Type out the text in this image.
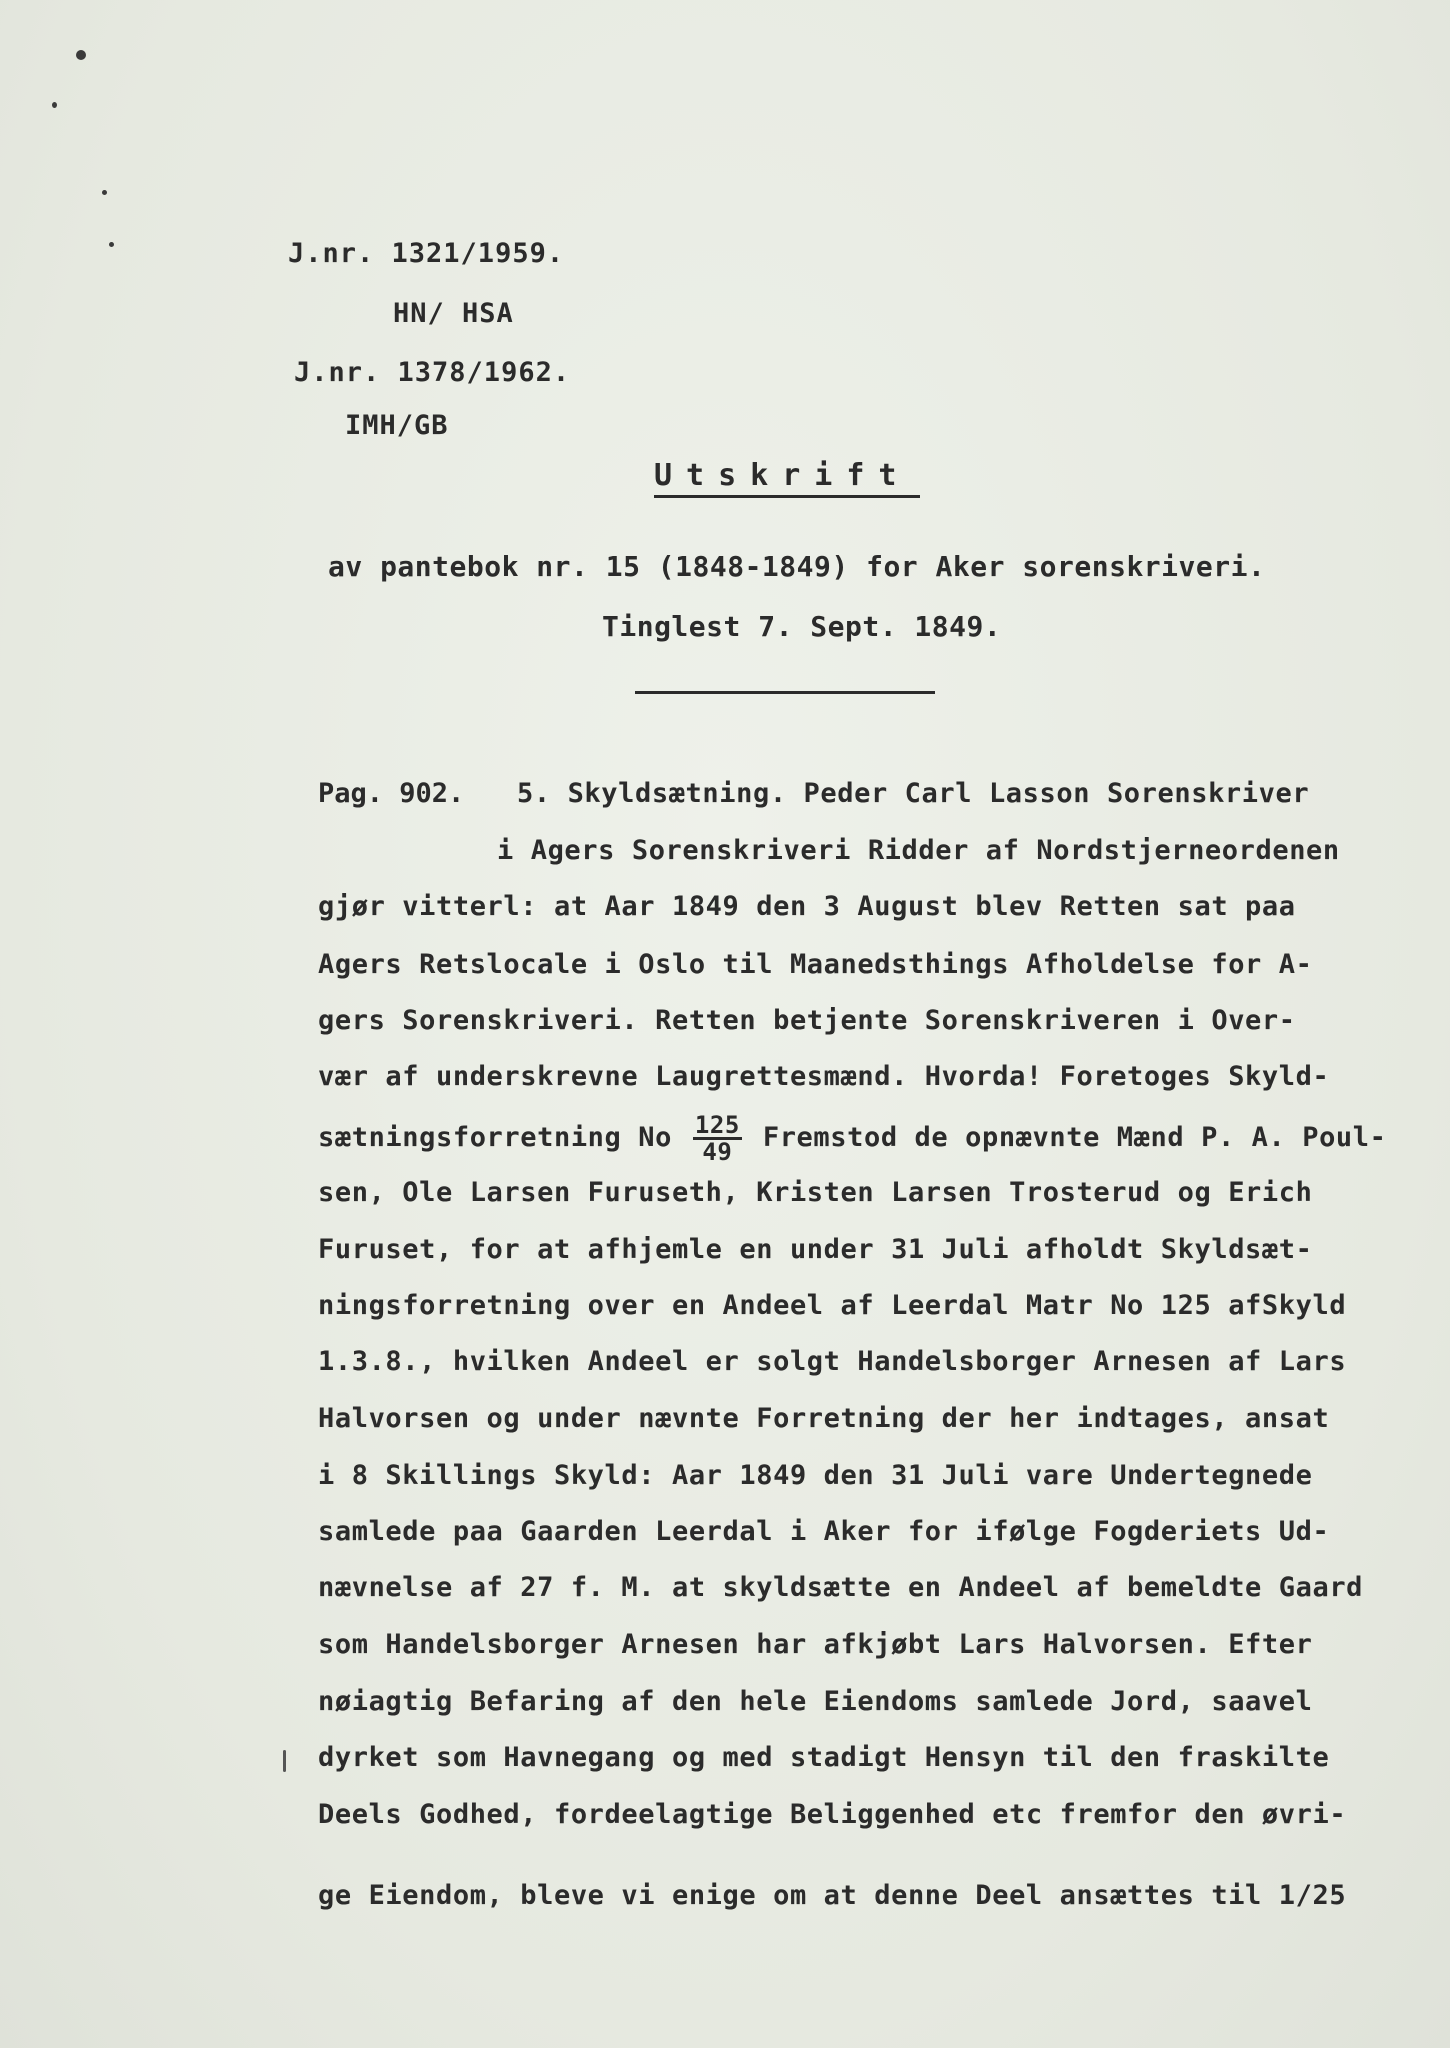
J.nr. 1321/1959.
HN/ HSA
J.nr. 1378/1962.
IMH/GB
Utskrift
av pantebok nr. 15 (1848-1849) for Aker sorenskriveri.
Tinglest 7. Sept. 1849.
Pag. 902. 5. Skyldsætning. Peder Carl Lasson Sorenskriver
i Agers Sorenskriveri Ridder af Nordstjerneordenen
gjør vitterl: at Aar 1849 den 3 August blev Retten sat paa
Agers Retslocale i Oslo til Maanedsthings Afholdelse for A-
gers Sorenskriveri. Retten betjente Sorenskriveren i Over-
vær af underskrevne Laugrettesmænd. Hvorda! Foretoges Skyld-
sætningsforretning No $\frac{125}{49}$ Fremstod de opnævnte Mænd P. A. Poul-
sen, Ole Larsen Furuseth, Kristen Larsen Trosterud og Erich
Furuset, for at afhjemle en under 31 Juli afholdt Skyldsæt-
ningsforretning over en Andeel af Leerdal Matr No 125 afSkyld
1.3.8., hvilken Andeel er solgt Handelsborger Arnesen af Lars
Halvorsen og under nævnte Forretning der her indtages, ansat
i 8 Skillings Skyld: Aar 1849 den 31 Juli vare Undertegnede
samlede paa Gaarden Leerdal i Aker for ifølge Fogderiets Ud-
nævnelse af 27 f. M. at skyldsætte en Andeel af bemeldte Gaard
som Handelsborger Arnesen har afkjøbt Lars Halvorsen. Efter
nøiagtig Befaring af den hele Eiendoms samlede Jord, saavel
dyrket som Havnegang og med stadigt Hensyn til den fraskilte
Deels Godhed, fordeelagtige Beliggenhed etc fremfor den øvri-
ge Eiendom, bleve vi enige om at denne Deel ansættes til 1/25
